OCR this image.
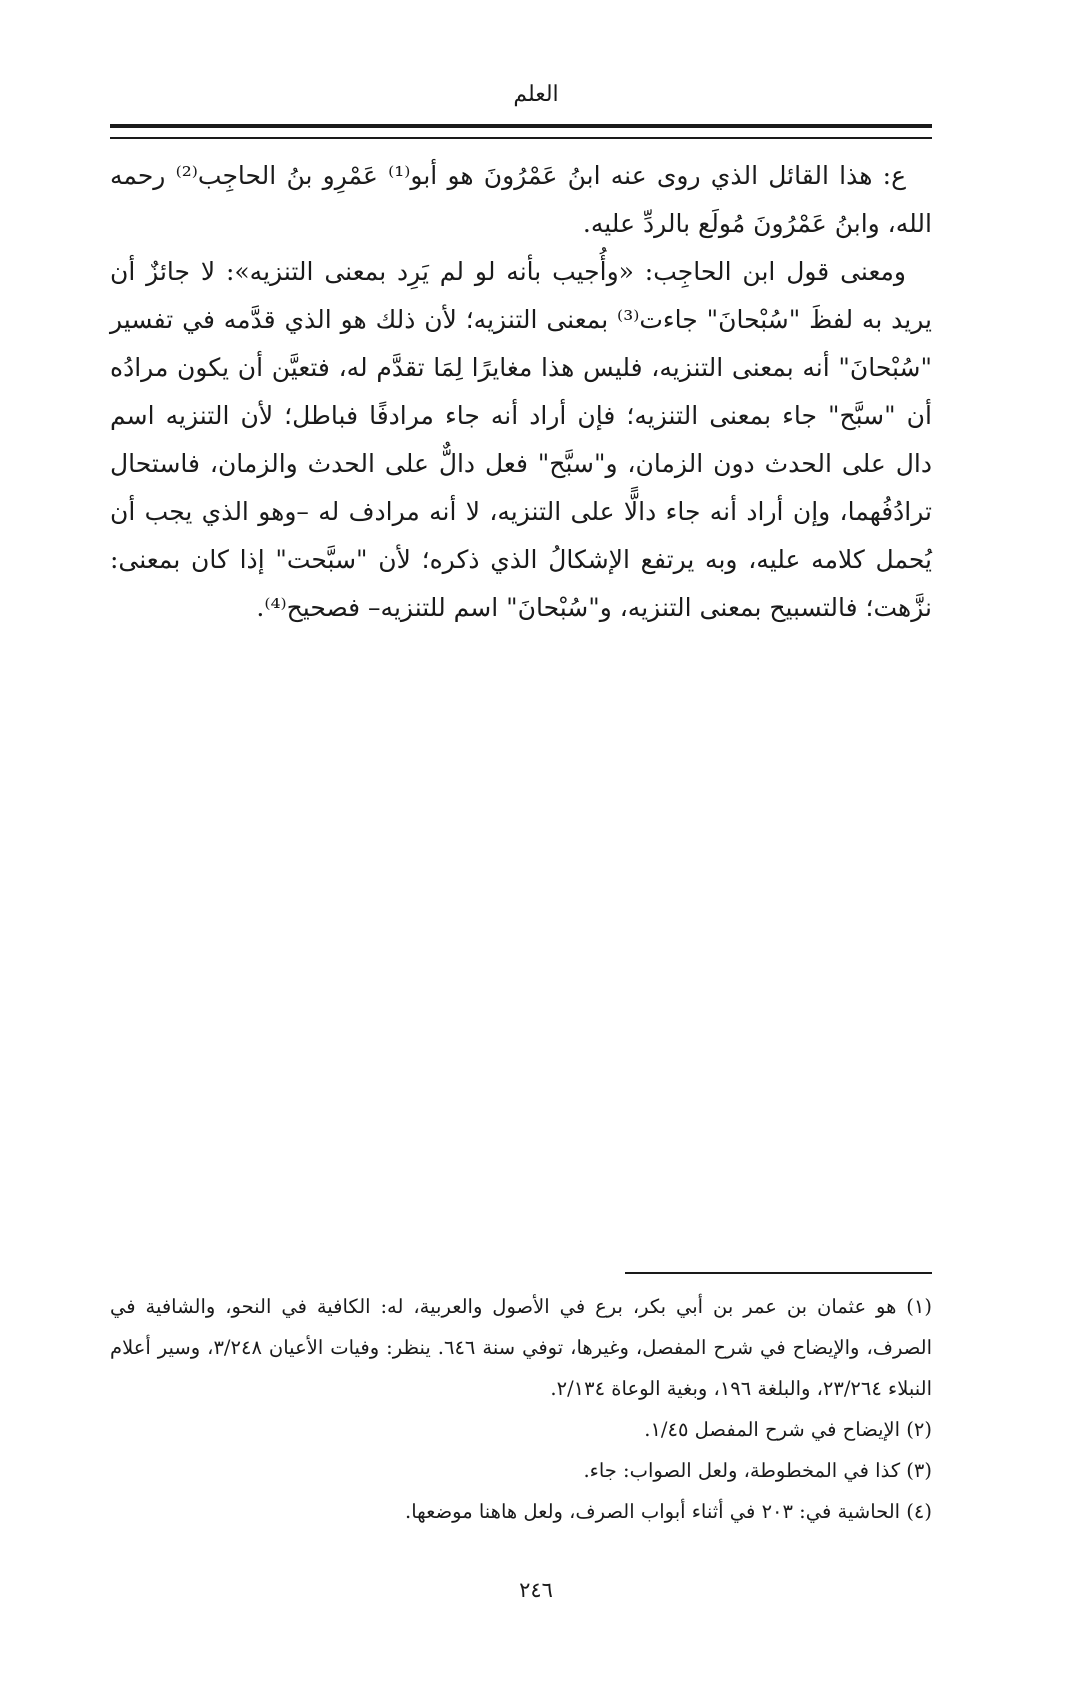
العلم

ع: هذا القائل الذي روى عنه ابنُ عَمْرُونَ هو أبو⁽¹⁾ عَمْرِو بنُ الحاجِب⁽²⁾ رحمه الله، وابنُ عَمْرُونَ مُولَع بالردِّ عليه.

ومعنى قول ابن الحاجِب: «وأُجيب بأنه لو لم يَرِد بمعنى التنزيه»: لا جائزٌ أن يريد به لفظَ "سُبْحانَ" جاءت⁽³⁾ بمعنى التنزيه؛ لأن ذلك هو الذي قدَّمه في تفسير "سُبْحانَ" أنه بمعنى التنزيه، فليس هذا مغايرًا لِمَا تقدَّم له، فتعيَّن أن يكون مرادُه أن "سبَّح" جاء بمعنى التنزيه؛ فإن أراد أنه جاء مرادفًا فباطل؛ لأن التنزيه اسم دال على الحدث دون الزمان، و"سبَّح" فعل دالٌّ على الحدث والزمان، فاستحال ترادُفُهما، وإن أراد أنه جاء دالًّا على التنزيه، لا أنه مرادف له –وهو الذي يجب أن يُحمل كلامه عليه، وبه يرتفع الإشكالُ الذي ذكره؛ لأن "سبَّحت" إذا كان بمعنى: نزَّهت؛ فالتسبيح بمعنى التنزيه، و"سُبْحانَ" اسم للتنزيه– فصحيح⁽⁴⁾.

(١) هو عثمان بن عمر بن أبي بكر، برع في الأصول والعربية، له: الكافية في النحو، والشافية في الصرف، والإيضاح في شرح المفصل، وغيرها، توفي سنة ٦٤٦. ينظر: وفيات الأعيان ٣/٢٤٨، وسير أعلام النبلاء ٢٣/٢٦٤، والبلغة ١٩٦، وبغية الوعاة ٢/١٣٤.

(٢) الإيضاح في شرح المفصل ١/٤٥.

(٣) كذا في المخطوطة، ولعل الصواب: جاء.

(٤) الحاشية في: ٢٠٣ في أثناء أبواب الصرف، ولعل هاهنا موضعها.

٢٤٦
